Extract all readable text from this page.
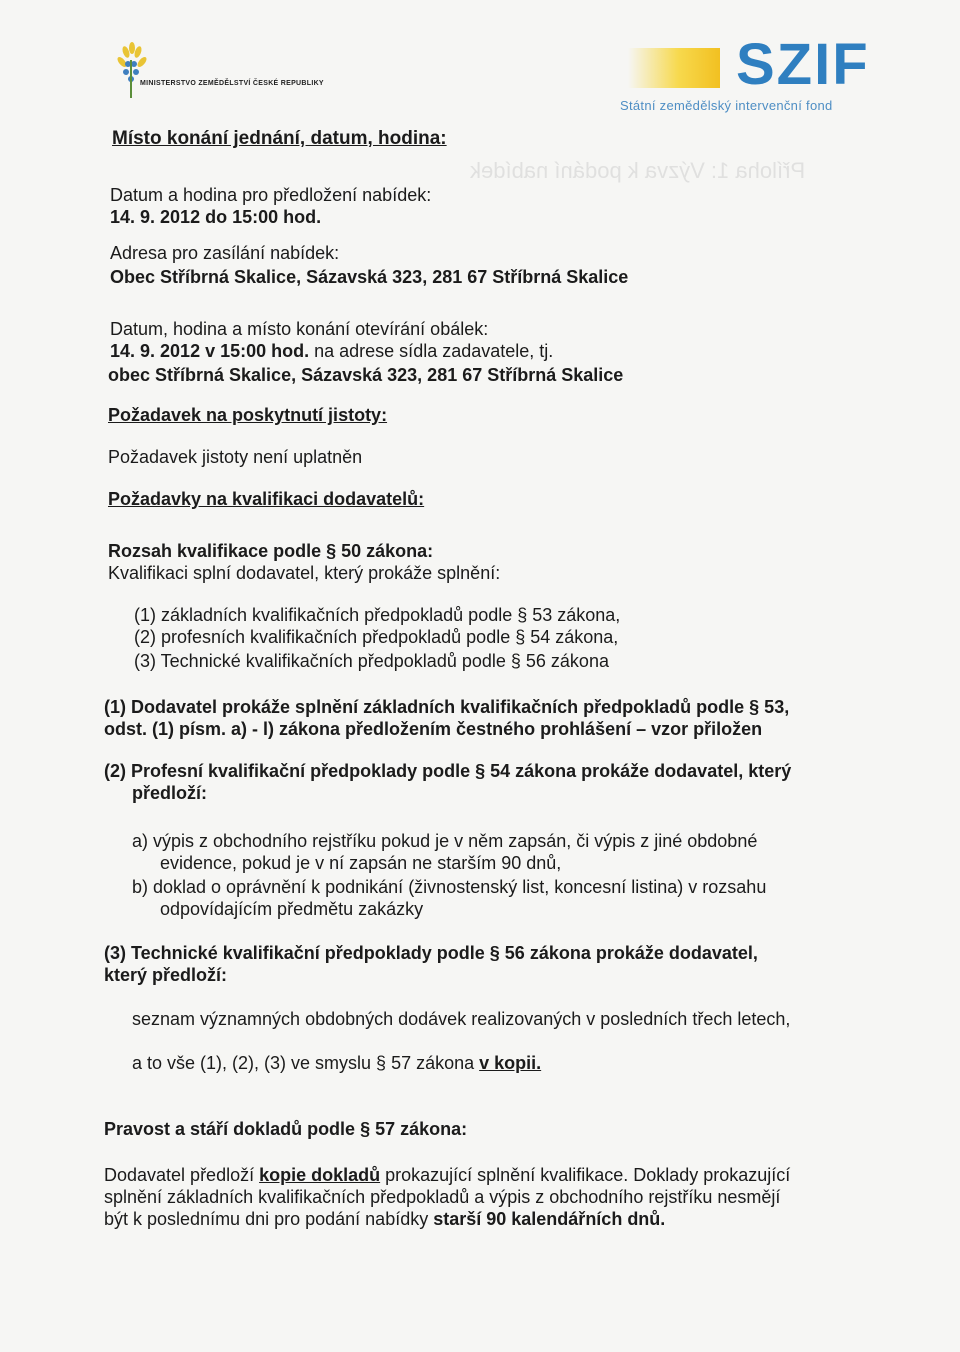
MINISTERSTVO ZEMĚDĚLSTVÍ ČESKÉ REPUBLIKY	SZIF
Státní zemědělský intervenční fond
Příloha 1: Výzva k podání nabídek
Místo konání jednání, datum, hodina:
Datum a hodina pro předložení nabídek:
14. 9. 2012 do 15:00 hod.
Adresa pro zasílání nabídek:
Obec Stříbrná Skalice, Sázavská 323, 281 67 Stříbrná Skalice
Datum, hodina a místo konání otevírání obálek:
14. 9. 2012 v 15:00 hod. na adrese sídla zadavatele, tj.
obec Stříbrná Skalice, Sázavská 323, 281 67 Stříbrná Skalice
Požadavek na poskytnutí jistoty:
Požadavek jistoty není uplatněn
Požadavky na kvalifikaci dodavatelů:
Rozsah kvalifikace podle § 50 zákona:
Kvalifikaci splní dodavatel, který prokáže splnění:
(1) základních kvalifikačních předpokladů podle § 53 zákona,
(2) profesních kvalifikačních předpokladů podle § 54 zákona,
(3) Technické kvalifikačních předpokladů podle § 56 zákona
(1) Dodavatel prokáže splnění základních kvalifikačních předpokladů podle § 53,
odst. (1) písm. a) - l) zákona předložením čestného prohlášení – vzor přiložen
(2) Profesní kvalifikační předpoklady podle § 54 zákona prokáže dodavatel, který
předloží:
a) výpis z obchodního rejstříku pokud je v něm zapsán, či výpis z jiné obdobné
evidence, pokud je v ní zapsán ne starším 90 dnů,
b) doklad o oprávnění k podnikání (živnostenský list, koncesní listina) v rozsahu
odpovídajícím předmětu zakázky
(3) Technické kvalifikační předpoklady podle § 56 zákona prokáže dodavatel,
který předloží:
seznam významných obdobných dodávek realizovaných v posledních třech letech,
a to vše (1), (2), (3) ve smyslu § 57 zákona v kopii.
Pravost a stáří dokladů podle § 57 zákona:
Dodavatel předloží kopie dokladů prokazující splnění kvalifikace. Doklady prokazující
splnění základních kvalifikačních předpokladů a výpis z obchodního rejstříku nesmějí
být k poslednímu dni pro podání nabídky starší 90 kalendářních dnů.
